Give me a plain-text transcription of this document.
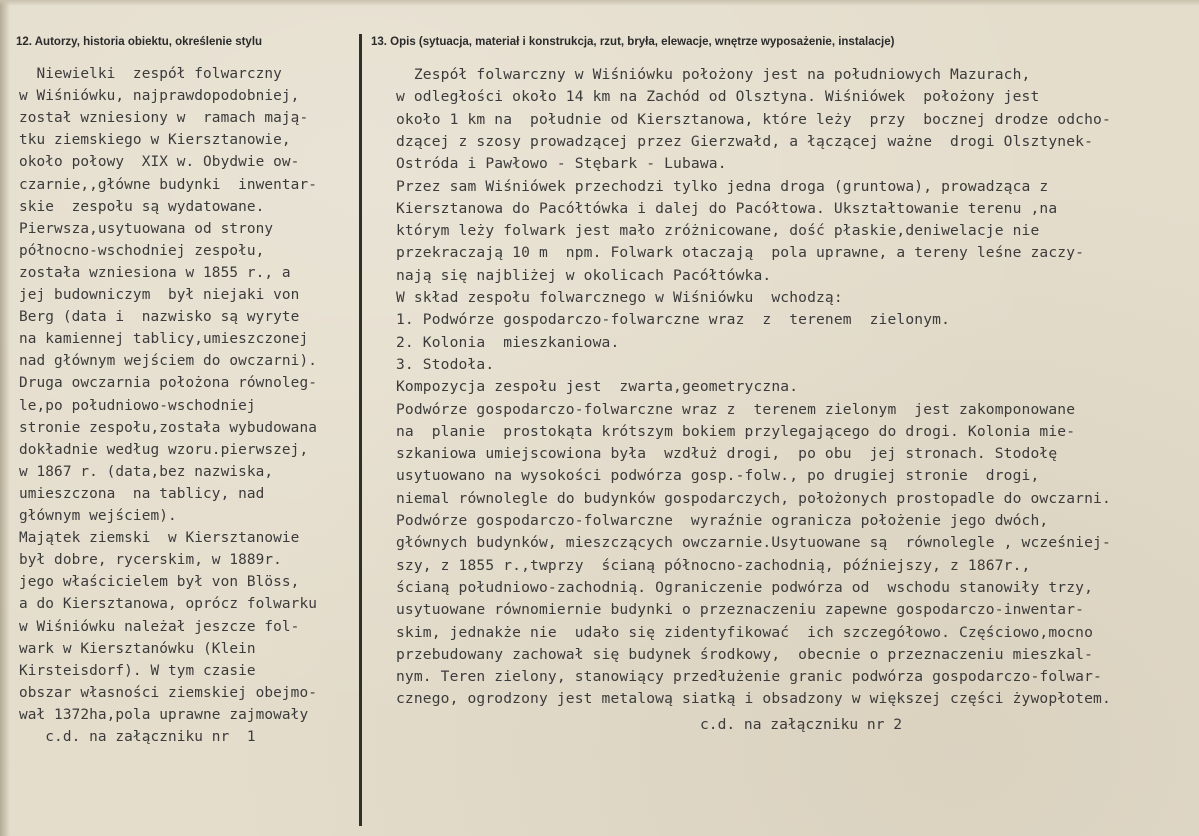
12. Autorzy, historia obiektu, określenie stylu	13. Opis (sytuacja, materiał i konstrukcja, rzut, bryła, elewacje, wnętrze wyposażenie, instalacje)
Niewielki  zespół folwarczny
w Wiśniówku, najprawdopodobniej,
został wzniesiony w  ramach mają-
tku ziemskiego w Kiersztanowie,
około połowy  XIX w. Obydwie ow-
czarnie,,główne budynki  inwentar-
skie  zespołu są wydatowane.
Pierwsza,usytuowana od strony
północno-wschodniej zespołu,
została wzniesiona w 1855 r., a
jej budowniczym  był niejaki von
Berg (data i  nazwisko są wyryte
na kamiennej tablicy,umieszczonej
nad głównym wejściem do owczarni).
Druga owczarnia położona równoleg-
le,po południowo-wschodniej
stronie zespołu,została wybudowana
dokładnie według wzoru.pierwszej,
w 1867 r. (data,bez nazwiska,
umieszczona  na tablicy, nad
głównym wejściem).
Majątek ziemski  w Kiersztanowie
był dobre, rycerskim, w 1889r.
jego właścicielem był von Blöss,
a do Kiersztanowa, oprócz folwarku
w Wiśniówku należał jeszcze fol-
wark w Kiersztanówku (Klein
Kirsteisdorf). W tym czasie
obszar własności ziemskiej obejmo-
wał 1372ha,pola uprawne zajmowały
c.d. na załączniku nr  1
Zespół folwarczny w Wiśniówku położony jest na południowych Mazurach,
w odległości około 14 km na Zachód od Olsztyna. Wiśniówek  położony jest
około 1 km na  południe od Kiersztanowa, które leży  przy  bocznej drodze odcho-
dzącej z szosy prowadzącej przez Gierzwałd, a łączącej ważne  drogi Olsztynek-
Ostróda i Pawłowo - Stębark - Lubawa.
Przez sam Wiśniówek przechodzi tylko jedna droga (gruntowa), prowadząca z
Kiersztanowa do Pacółtówka i dalej do Pacółtowa. Ukształtowanie terenu ,na
którym leży folwark jest mało zróżnicowane, dość płaskie,deniwelacje nie
przekraczają 10 m  npm. Folwark otaczają  pola uprawne, a tereny leśne zaczy-
nają się najbliżej w okolicach Pacółtówka.
W skład zespołu folwarcznego w Wiśniówku  wchodzą:
1. Podwórze gospodarczo-folwarczne wraz  z  terenem  zielonym.
2. Kolonia  mieszkaniowa.
3. Stodoła.
Kompozycja zespołu jest  zwarta,geometryczna.
Podwórze gospodarczo-folwarczne wraz z  terenem zielonym  jest zakomponowane
na  planie  prostokąta krótszym bokiem przylegającego do drogi. Kolonia mie-
szkaniowa umiejscowiona była  wzdłuż drogi,  po obu  jej stronach. Stodołę
usytuowano na wysokości podwórza gosp.-folw., po drugiej stronie  drogi,
niemal równolegle do budynków gospodarczych, położonych prostopadle do owczarni.
Podwórze gospodarczo-folwarczne  wyraźnie ogranicza położenie jego dwóch,
głównych budynków, mieszczących owczarnie.Usytuowane są  równolegle , wcześniej-
szy, z 1855 r.,twprzy  ścianą północno-zachodnią, późniejszy, z 1867r.,
ścianą południowo-zachodnią. Ograniczenie podwórza od  wschodu stanowiły trzy,
usytuowane równomiernie budynki o przeznaczeniu zapewne gospodarczo-inwentar-
skim, jednakże nie  udało się zidentyfikować  ich szczegółowo. Częściowo,mocno
przebudowany zachował się budynek środkowy,  obecnie o przeznaczeniu mieszkal-
nym. Teren zielony, stanowiący przedłużenie granic podwórza gospodarczo-folwar-
cznego, ogrodzony jest metalową siatką i obsadzony w większej części żywopłotem.
c.d. na załączniku nr 2
